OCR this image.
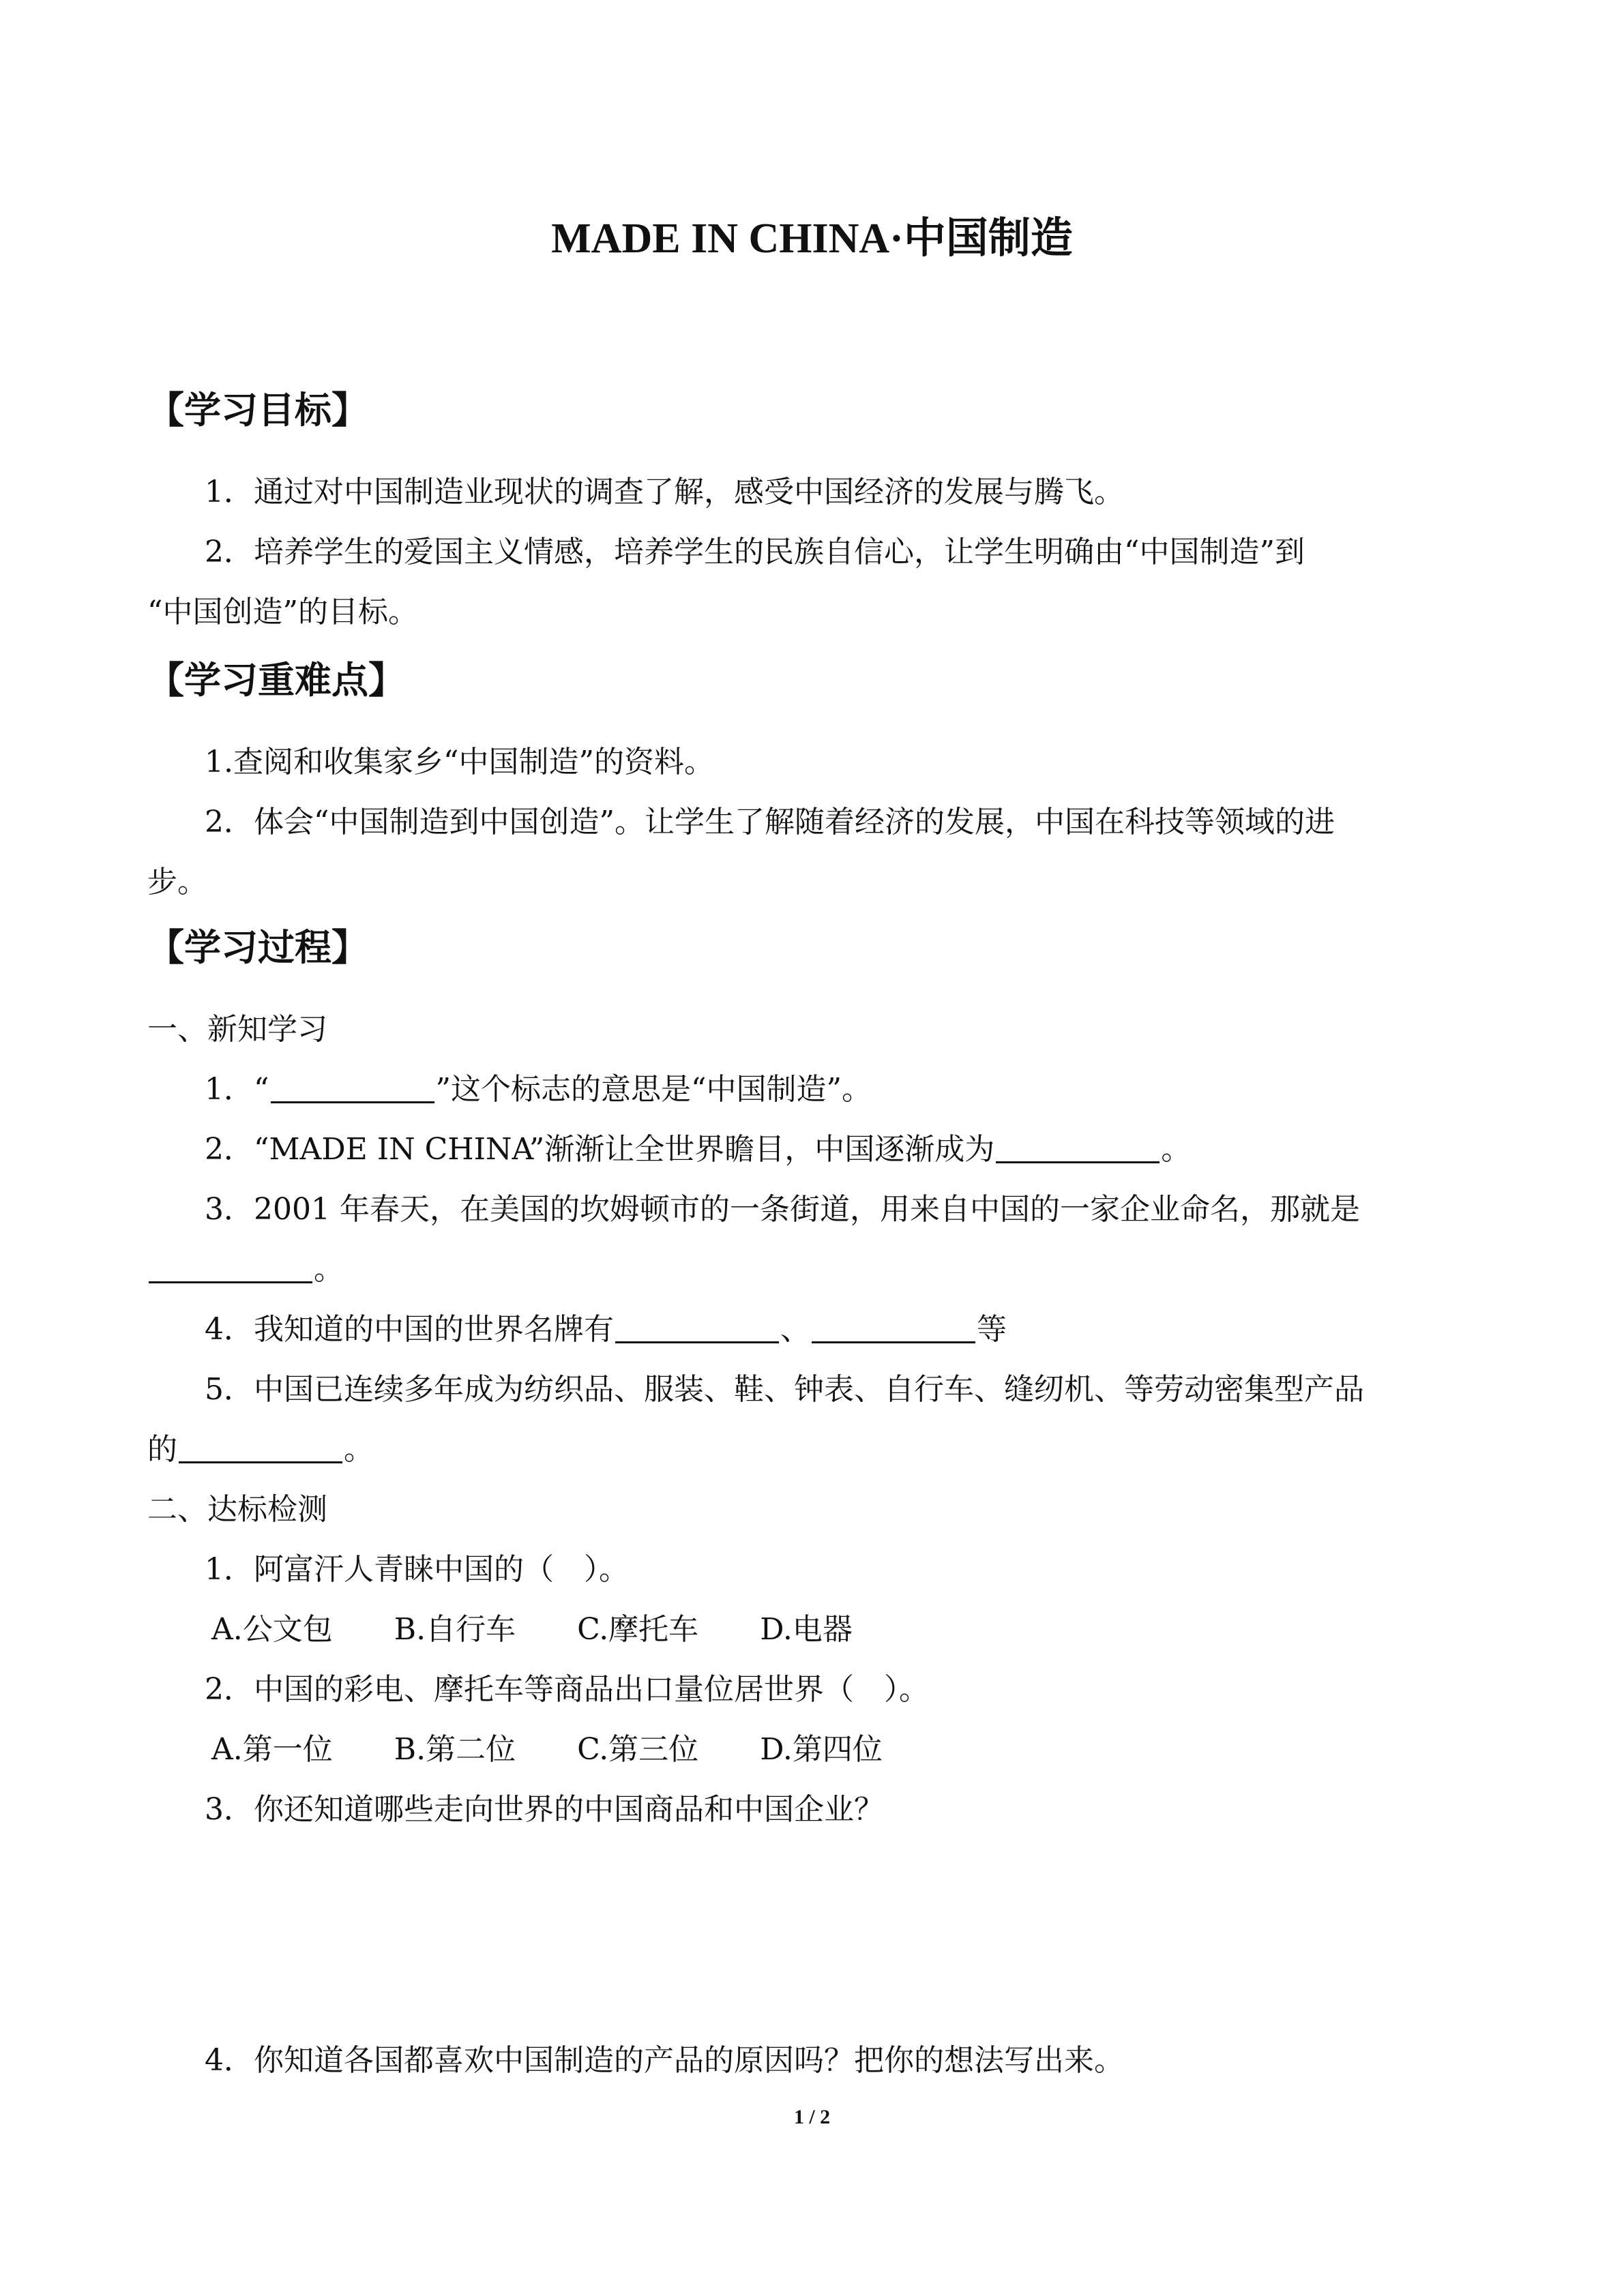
MADE IN CHINA·中国制造
【学习目标】
1．通过对中国制造业现状的调查了解，感受中国经济的发展与腾飞。
2．培养学生的爱国主义情感，培养学生的民族自信心，让学生明确由“中国制造”到
“中国创造”的目标。
【学习重难点】
1.查阅和收集家乡“中国制造”的资料。
2．体会“中国制造到中国创造”。让学生了解随着经济的发展，中国在科技等领域的进
步。
【学习过程】
一、新知学习
1．“	”这个标志的意思是“中国制造”。
2．“MADE IN CHINA”渐渐让全世界瞻目，中国逐渐成为	。
3．2001 年春天，在美国的坎姆顿市的一条街道，用来自中国的一家企业命名，那就是
。
4．我知道的中国的世界名牌有	、	等
5．中国已连续多年成为纺织品、服装、鞋、钟表、自行车、缝纫机、等劳动密集型产品
的	。
二、达标检测
1．阿富汗人青睐中国的（　）。
A.公文包 B.自行车 C.摩托车 D.电器
2．中国的彩电、摩托车等商品出口量位居世界（　）。
A.第一位 B.第二位 C.第三位 D.第四位
3．你还知道哪些走向世界的中国商品和中国企业？
4．你知道各国都喜欢中国制造的产品的原因吗？把你的想法写出来。
1 / 2
